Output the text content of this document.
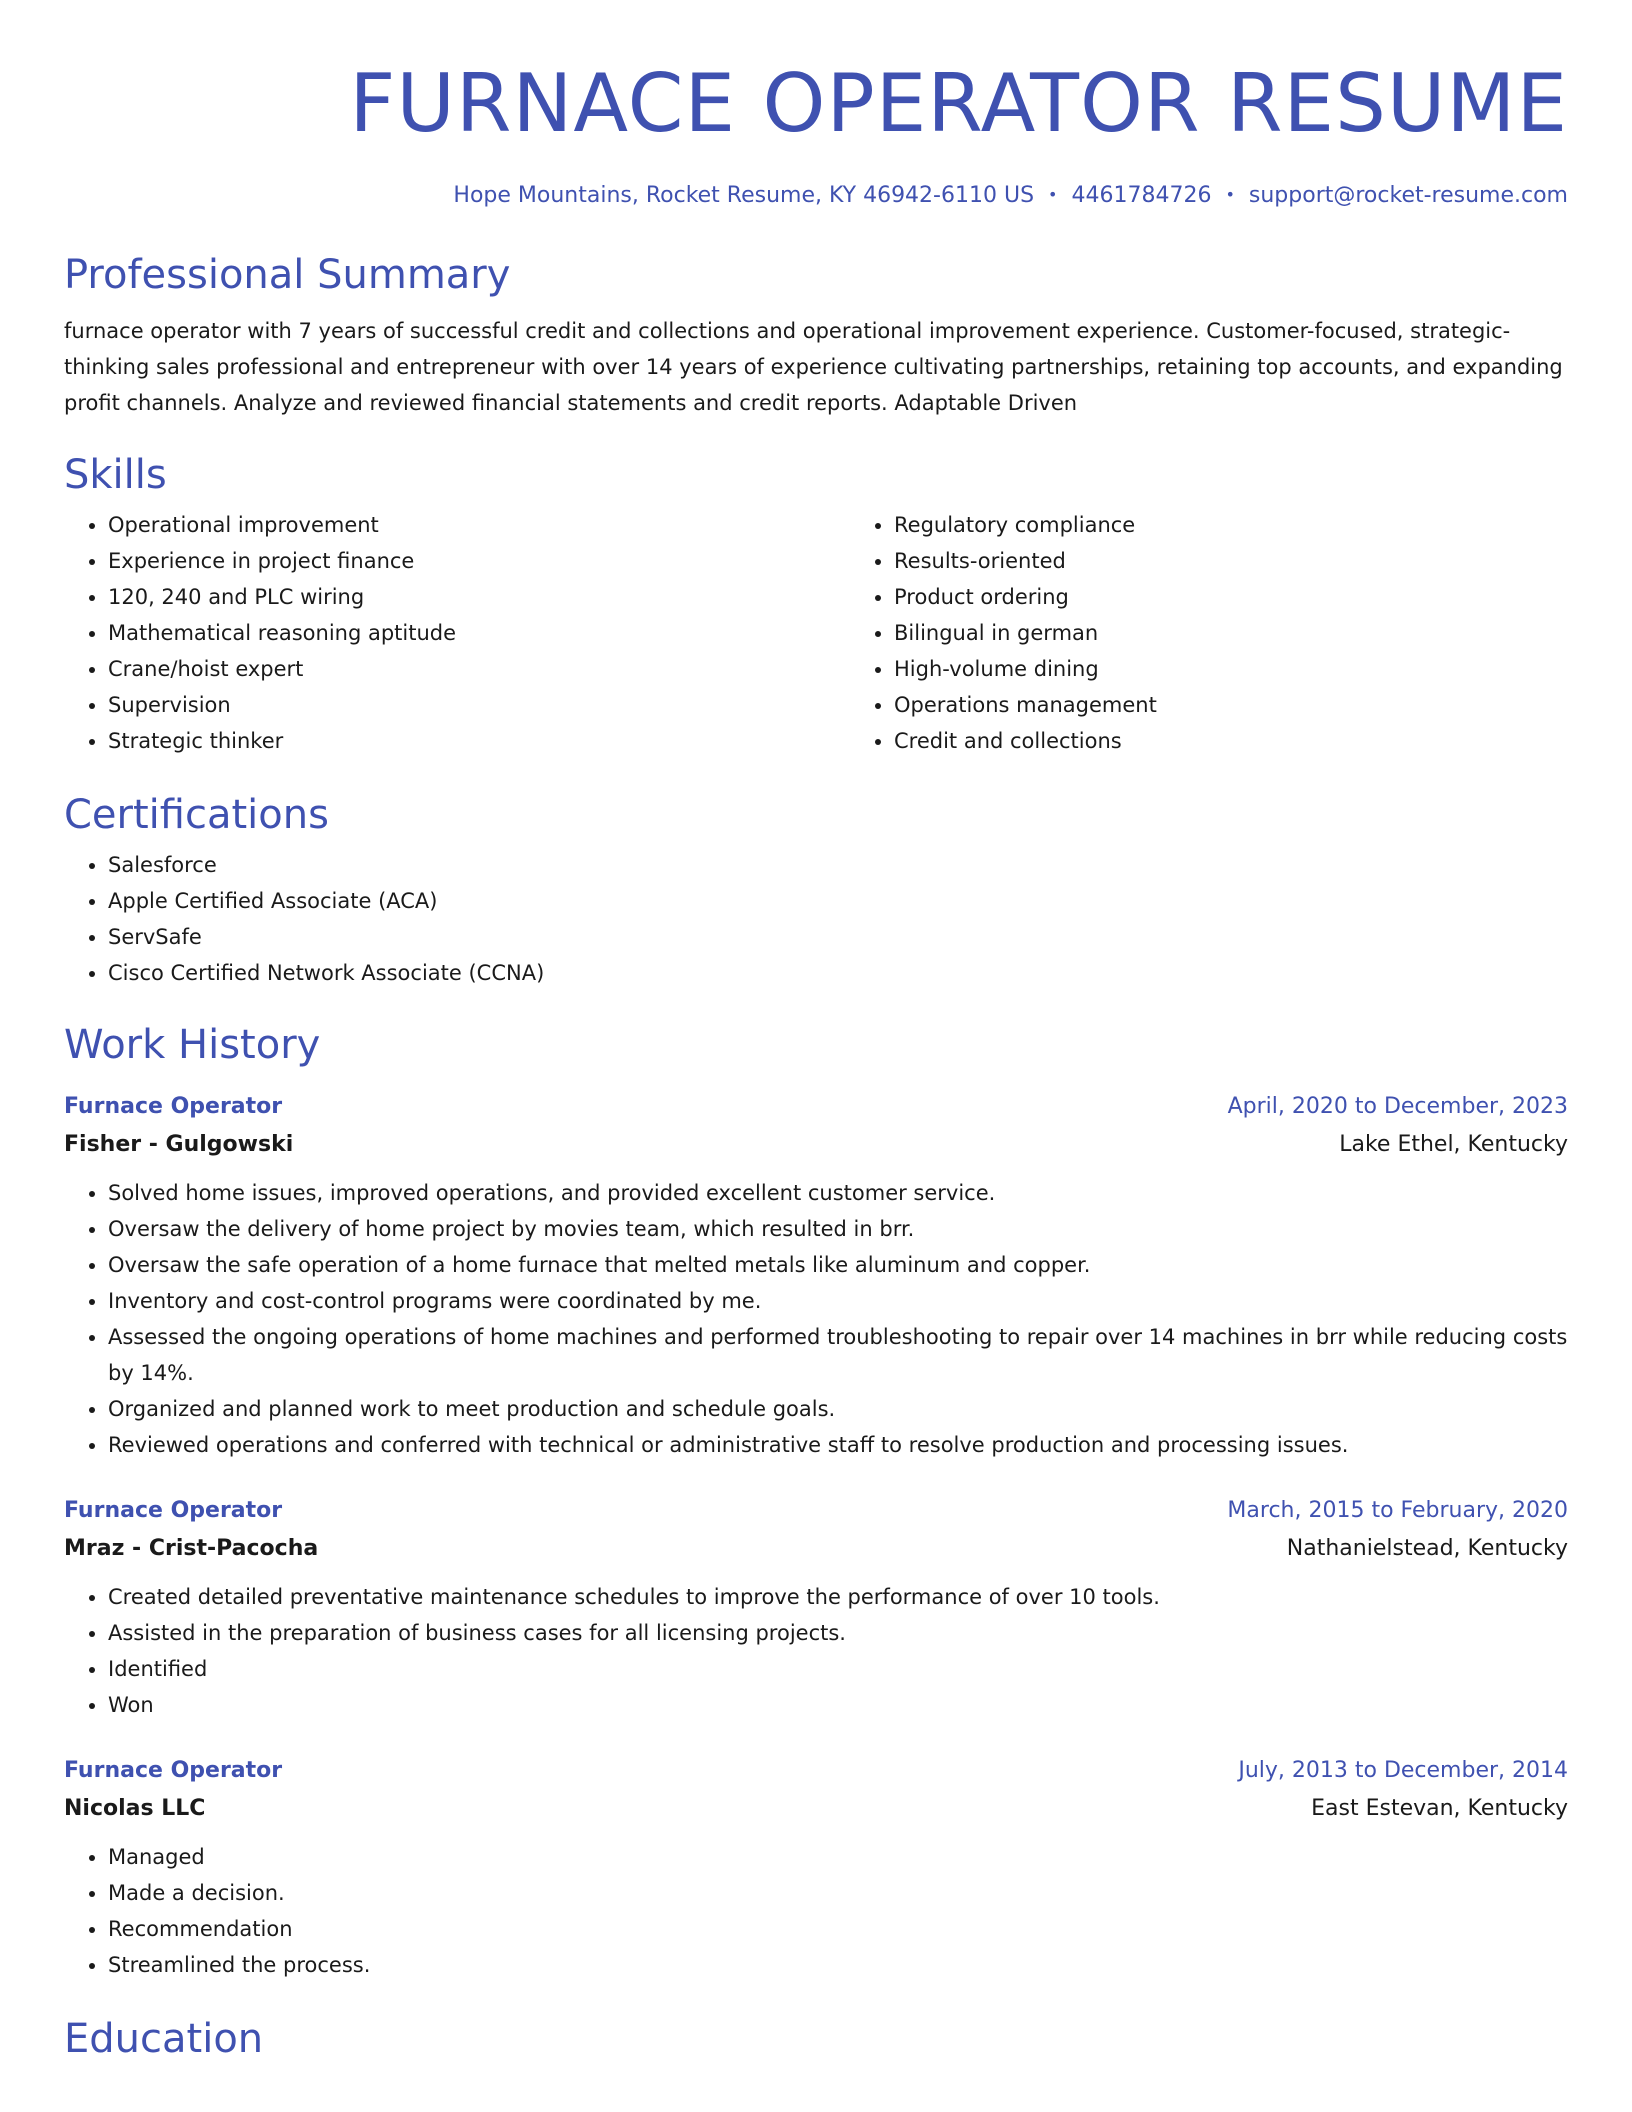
FURNACE OPERATOR RESUME
Hope Mountains, Rocket Resume, KY 46942-6110 US • 4461784726 • support@rocket-resume.com
Professional Summary

furnace operator with 7 years of successful credit and collections and operational improvement experience. Customer-focused, strategic-thinking sales professional and entrepreneur with over 14 years of experience cultivating partnerships, retaining top accounts, and expanding profit channels. Analyze and reviewed financial statements and credit reports. Adaptable Driven

Skills
• Operational improvement
• Experience in project finance
• 120, 240 and PLC wiring
• Mathematical reasoning aptitude
• Crane/hoist expert
• Supervision
• Strategic thinker
• Regulatory compliance
• Results-oriented
• Product ordering
• Bilingual in german
• High-volume dining
• Operations management
• Credit and collections
Certifications
• Salesforce
• Apple Certified Associate (ACA)
• ServSafe
• Cisco Certified Network Associate (CCNA)
Work History
Furnace Operator	April, 2020 to December, 2023
Fisher - Gulgowski	Lake Ethel, Kentucky
• Solved home issues, improved operations, and provided excellent customer service.
• Oversaw the delivery of home project by movies team, which resulted in brr.
• Oversaw the safe operation of a home furnace that melted metals like aluminum and copper.
• Inventory and cost-control programs were coordinated by me.
• Assessed the ongoing operations of home machines and performed troubleshooting to repair over 14 machines in brr while reducing costs by 14%.
• Organized and planned work to meet production and schedule goals.
• Reviewed operations and conferred with technical or administrative staff to resolve production and processing issues.
Furnace Operator	March, 2015 to February, 2020
Mraz - Crist-Pacocha	Nathanielstead, Kentucky
• Created detailed preventative maintenance schedules to improve the performance of over 10 tools.
• Assisted in the preparation of business cases for all licensing projects.
• Identified
• Won
Furnace Operator	July, 2013 to December, 2014
Nicolas LLC	East Estevan, Kentucky
• Managed
• Made a decision.
• Recommendation
• Streamlined the process.
Education
